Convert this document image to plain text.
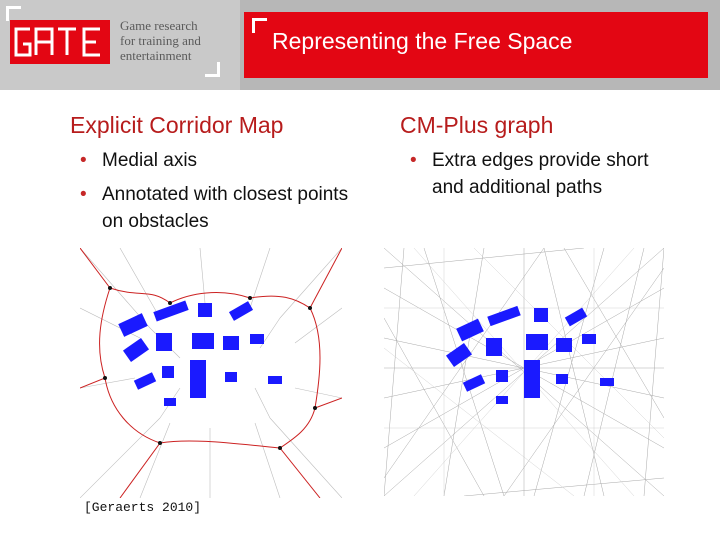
Game research
for training and
entertainment
Representing the Free Space
Explicit Corridor Map
• Medial axis
• Annotated with closest points on obstacles
CM-Plus graph
• Extra edges provide short and additional paths
[Geraerts 2010]
